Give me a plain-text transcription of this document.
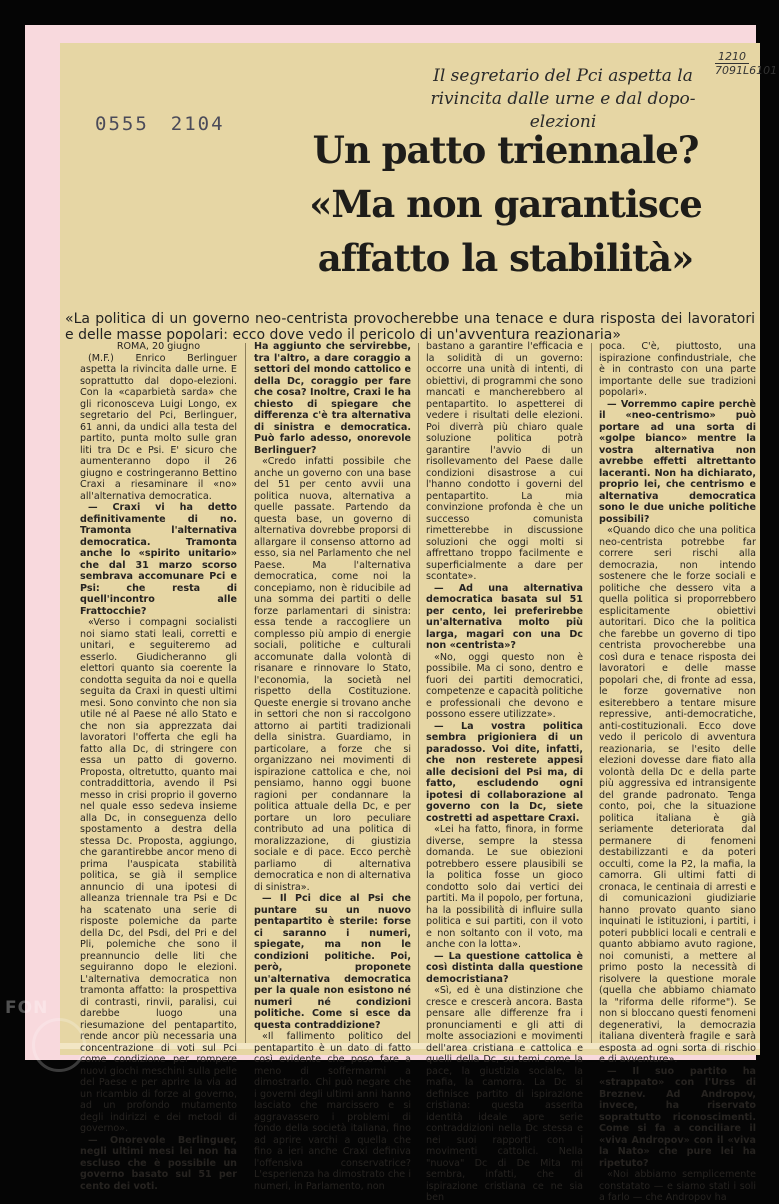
0555 2104
1210
7091L6101
Il segretario del Pci aspetta la rivincita dalle urne e dal dopo-elezioni
Un patto triennale?
«Ma non garantisce
affatto la stabilità»
«La politica di un governo neo-centrista provocherebbe una tenace e dura risposta dei lavoratori e delle masse popolari: ecco dove vedo il pericolo di un'avventura reazionaria»

ROMA, 20 giugno

(M.F.) Enrico Berlinguer aspetta la rivincita dalle urne. E soprattutto dal dopo-elezioni. Con la «caparbietà sarda» che gli riconosceva Luigi Longo, ex segretario del Pci, Berlinguer, 61 anni, da undici alla testa del partito, punta molto sulle gran liti tra Dc e Psi. E' sicuro che aumenteranno dopo il 26 giugno e costringeranno Bettino Craxi a riesaminare il «no» all'alternativa democratica.

— Craxi vi ha detto definitivamente di no. Tramonta l'alternativa democratica. Tramonta anche lo «spirito unitario» che dal 31 marzo scorso sembrava accomunare Pci e Psi: che resta di quell'incontro alle Frattocchie?

«Verso i compagni socialisti noi siamo stati leali, corretti e unitari, e seguiteremo ad esserlo. Giudicheranno gli elettori quanto sia coerente la condotta seguita da noi e quella seguita da Craxi in questi ultimi mesi. Sono convinto che non sia utile né al Paese né allo Stato e che non sia apprezzata dai lavoratori l'offerta che egli ha fatto alla Dc, di stringere con essa un patto di governo. Proposta, oltretutto, quanto mai contraddittoria, avendo il Psi messo in crisi proprio il governo nel quale esso sedeva insieme alla Dc, in conseguenza dello spostamento a destra della stessa Dc. Proposta, aggiungo, che garantirebbe ancor meno di prima l'auspicata stabilità politica, se già il semplice annuncio di una ipotesi di alleanza triennale tra Psi e Dc ha scatenato una serie di risposte polemiche da parte della Dc, del Psdi, del Pri e del Pli, polemiche che sono il preannuncio delle liti che seguiranno dopo le elezioni. L'alternativa democratica non tramonta affatto: la prospettiva di contrasti, rinvii, paralisi, cui darebbe luogo una riesumazione del pentapartito, rende ancor più necessaria una concentrazione di voti sul Pci come condizione per rompere nuovi giochi meschini sulla pelle del Paese e per aprire la via ad un ricambio di forze al governo, ad un profondo mutamento degli indirizzi e dei metodi di governo».

— Onorevole Berlinguer, negli ultimi mesi lei non ha escluso che è possibile un governo basato sul 51 per cento dei voti.

Ha aggiunto che servirebbe, tra l'altro, a dare coraggio a settori del mondo cattolico e della Dc, coraggio per fare che cosa? Inoltre, Craxi le ha chiesto di spiegare che differenza c'è tra alternativa di sinistra e democratica. Può farlo adesso, onorevole Berlinguer?

«Credo infatti possibile che anche un governo con una base del 51 per cento avvii una politica nuova, alternativa a quelle passate. Partendo da questa base, un governo di alternativa dovrebbe proporsi di allargare il consenso attorno ad esso, sia nel Parlamento che nel Paese. Ma l'alternativa democratica, come noi la concepiamo, non è riducibile ad una somma dei partiti o delle forze parlamentari di sinistra: essa tende a raccogliere un complesso più ampio di energie sociali, politiche e culturali accomunate dalla volontà di risanare e rinnovare lo Stato, l'economia, la società nel rispetto della Costituzione. Queste energie si trovano anche in settori che non si raccolgono attorno ai partiti tradizionali della sinistra. Guardiamo, in particolare, a forze che si organizzano nei movimenti di ispirazione cattolica e che, noi pensiamo, hanno oggi buone ragioni per condannare la politica attuale della Dc, e per portare un loro peculiare contributo ad una politica di moralizzazione, di giustizia sociale e di pace. Ecco perchè parliamo di alternativa democratica e non di alternativa di sinistra».

— Il Pci dice al Psi che puntare su un nuovo pentapartito è sterile: forse ci saranno i numeri, spiegate, ma non le condizioni politiche. Poi, però, proponete un'alternativa democratica per la quale non esistono né numeri né condizioni politiche. Come si esce da questa contraddizione?

«Il fallimento politico del pentapartito è un dato di fatto così evidente che poso fare a meno di soffermarmi a dimostrarlo. Chi può negare che i governi degli ultimi anni hanno lasciato che marcissero e si aggravassero i problemi di fondo della società italiana, fino ad aprire varchi a quella che fino a ieri anche Craxi definiva l'offensiva conservatrice? L'esperienza ha dimostrato che i numeri, in Parlamento, non

bastano a garantire l'efficacia e la solidità di un governo: occorre una unità di intenti, di obiettivi, di programmi che sono mancati e mancherebbero al pentapartito. Io aspetterei di vedere i risultati delle elezioni. Poi diverrà più chiaro quale soluzione politica potrà garantire l'avvio di un risollevamento del Paese dalle condizioni disastrose a cui l'hanno condotto i governi del pentapartito. La mia convinzione profonda è che un successo comunista rimetterebbe in discussione soluzioni che oggi molti si affrettano troppo facilmente e superficialmente a dare per scontate».

— Ad una alternativa democratica basata sul 51 per cento, lei preferirebbe un'alternativa molto più larga, magari con una Dc non «centrista»?

«No, oggi questo non è possibile. Ma ci sono, dentro e fuori dei partiti democratici, competenze e capacità politiche e professionali che devono e possono essere utilizzate».

— La vostra politica sembra prigioniera di un paradosso. Voi dite, infatti, che non resterete appesi alle decisioni del Psi ma, di fatto, escludendo ogni ipotesi di collaborazione al governo con la Dc, siete costretti ad aspettare Craxi.

«Lei ha fatto, finora, in forme diverse, sempre la stessa domanda. Le sue obiezioni potrebbero essere plausibili se la politica fosse un gioco condotto solo dai vertici dei partiti. Ma il popolo, per fortuna, ha la possibilità di influire sulla politica e sui partiti, con il voto e non soltanto con il voto, ma anche con la lotta».

— La questione cattolica è così distinta dalla questione democristiana?

«Sì, ed è una distinzione che cresce e crescerà ancora. Basta pensare alle differenze fra i pronunciamenti e gli atti di molte associazioni e movimenti dell'area cristiana e cattolica e quelli della Dc, su temi come la pace, la giustizia sociale, la mafia, la camorra. La Dc si definisce partito di ispirazione cristiana: questa asserita identità ideale apre serie contraddizioni nella Dc stessa e nei suoi rapporti con i movimenti cattolici. Nella "nuova" Dc di De Mita mi sembra, infatti, che di ispirazione cristiana ce ne sia ben

poca. C'è, piuttosto, una ispirazione confindustriale, che è in contrasto con una parte importante delle sue tradizioni popolari».

— Vorremmo capire perchè il «neo-centrismo» può portare ad una sorta di «golpe bianco» mentre la vostra alternativa non avrebbe effetti altrettanto laceranti. Non ha dichiarato, proprio lei, che centrismo e alternativa democratica sono le due uniche politiche possibili?

«Quando dico che una politica neo-centrista potrebbe far correre seri rischi alla democrazia, non intendo sostenere che le forze sociali e politiche che dessero vita a quella politica si proporrebbero esplicitamente obiettivi autoritari. Dico che la politica che farebbe un governo di tipo centrista provocherebbe una così dura e tenace risposta dei lavoratori e delle masse popolari che, di fronte ad essa, le forze governative non esiterebbero a tentare misure repressive, anti-democratiche, anti-costituzionali. Ecco dove vedo il pericolo di avventura reazionaria, se l'esito delle elezioni dovesse dare fiato alla volontà della Dc e della parte più aggressiva ed intransigente del grande padronato. Tenga conto, poi, che la situazione politica italiana è già seriamente deteriorata dal permanere di fenomeni destabilizzanti e da poteri occulti, come la P2, la mafia, la camorra. Gli ultimi fatti di cronaca, le centinaia di arresti e di comunicazioni giudiziarie hanno provato quanto siano inquinati le istituzioni, i partiti, i poteri pubblici locali e centrali e quanto abbiamo avuto ragione, noi comunisti, a mettere al primo posto la necessità di risolvere la questione morale (quella che abbiamo chiamato la "riforma delle riforme"). Se non si bloccano questi fenomeni degenerativi, la democrazia italiana diventerà fragile e sarà esposta ad ogni sorta di rischio e di avventure».

— Il suo partito ha «strappato» con l'Urss di Breznev. Ad Andropov, invece, ha riservato soprattutto riconoscimenti. Come si fa a conciliare il «viva Andropov» con il «viva la Nato» che pure lei ha ripetuto?

«Noi abbiamo semplicemente constatato — e siamo stati i soli a farlo — che Andropov ha

FON
